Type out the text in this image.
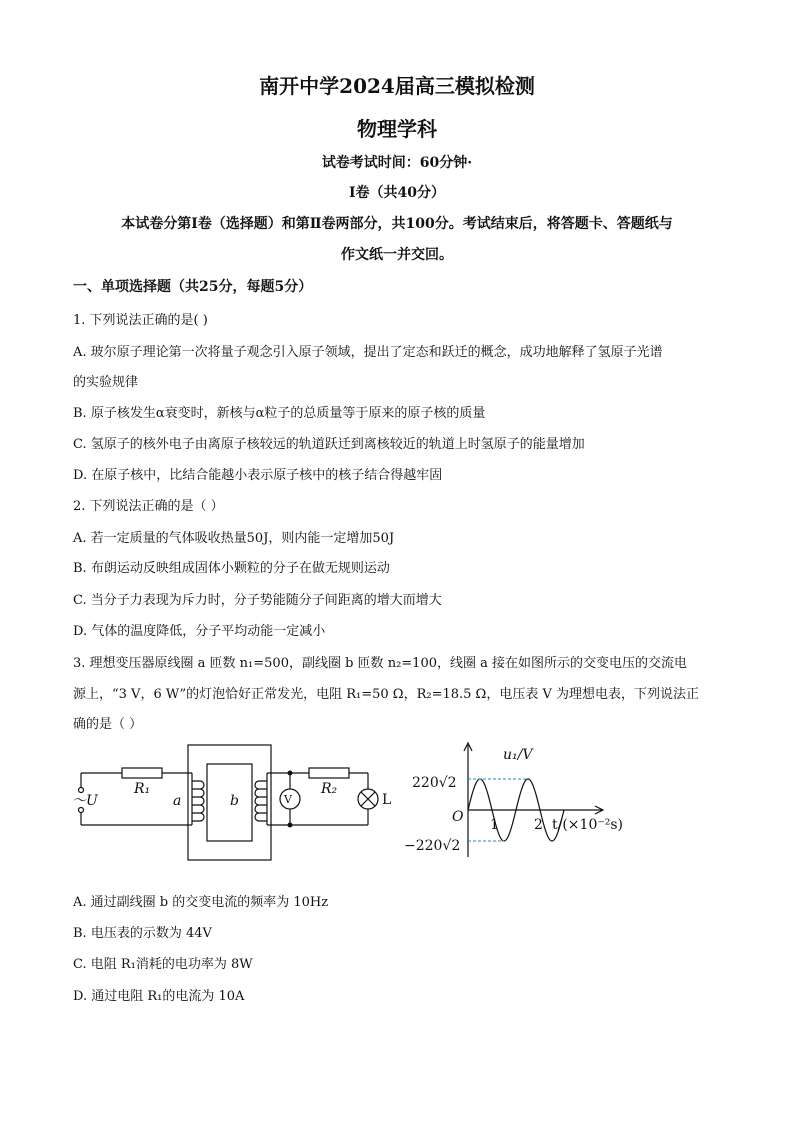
南开中学2024届高三模拟检测
物理学科
试卷考试时间：60分钟·
Ⅰ卷（共40分）
本试卷分第Ⅰ卷（选择题）和第Ⅱ卷两部分，共100分。考试结束后，将答题卡、答题纸与
作文纸一并交回。
一、单项选择题（共25分，每题5分）
1. 下列说法正确的是( )
A. 玻尔原子理论第一次将量子观念引入原子领域，提出了定态和跃迁的概念，成功地解释了氢原子光谱
的实验规律
B. 原子核发生α衰变时，新核与α粒子的总质量等于原来的原子核的质量
C. 氢原子的核外电子由离原子核较远的轨道跃迁到离核较近的轨道上时氢原子的能量增加
D. 在原子核中，比结合能越小表示原子核中的核子结合得越牢固
2. 下列说法正确的是（ ）
A. 若一定质量的气体吸收热量50J，则内能一定增加50J
B. 布朗运动反映组成固体小颗粒的分子在做无规则运动
C. 当分子力表现为斥力时，分子势能随分子间距离的增大而增大
D. 气体的温度降低，分子平均动能一定减小
3. 理想变压器原线圈 a 匝数 n₁=500，副线圈 b 匝数 n₂=100，线圈 a 接在如图所示的交变电压的交流电
源上，“3 V，6 W”的灯泡恰好正常发光，电阻 R₁=50 Ω，R₂=18.5 Ω，电压表 V 为理想电表，下列说法正
确的是（ ）
R₁	R₂
a	b	V	L
～U
u₁/V
220√2
−220√2
O 1	2 t/(×10⁻²s)
A. 通过副线圈 b 的交变电流的频率为 10Hz
B. 电压表的示数为 44V
C. 电阻 R₁消耗的电功率为 8W
D. 通过电阻 R₁的电流为 10A
